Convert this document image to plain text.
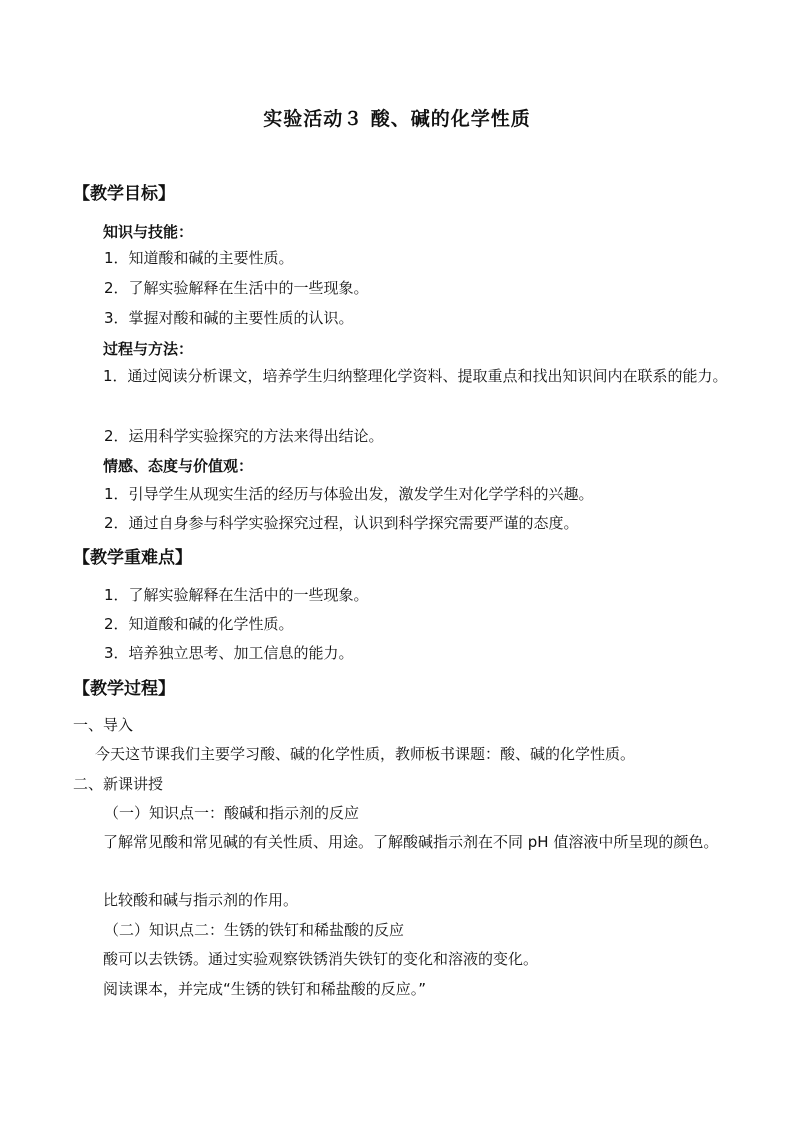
实验活动３ 酸、碱的化学性质
【教学目标】
知识与技能：
1．知道酸和碱的主要性质。
2．了解实验解释在生活中的一些现象。
3．掌握对酸和碱的主要性质的认识。
过程与方法：
1．通过阅读分析课文，培养学生归纳整理化学资料、提取重点和找出知识间内在联系的能力。
2．运用科学实验探究的方法来得出结论。
情感、态度与价值观：
1．引导学生从现实生活的经历与体验出发，激发学生对化学学科的兴趣。
2．通过自身参与科学实验探究过程，认识到科学探究需要严谨的态度。
【教学重难点】
1．了解实验解释在生活中的一些现象。
2．知道酸和碱的化学性质。
3．培养独立思考、加工信息的能力。
【教学过程】
一、导入
今天这节课我们主要学习酸、碱的化学性质，教师板书课题：酸、碱的化学性质。
二、新课讲授
（一）知识点一：酸碱和指示剂的反应
了解常见酸和常见碱的有关性质、用途。了解酸碱指示剂在不同 pH 值溶液中所呈现的颜色。
比较酸和碱与指示剂的作用。
（二）知识点二：生锈的铁钉和稀盐酸的反应
酸可以去铁锈。通过实验观察铁锈消失铁钉的变化和溶液的变化。
阅读课本，并完成“生锈的铁钉和稀盐酸的反应。”
